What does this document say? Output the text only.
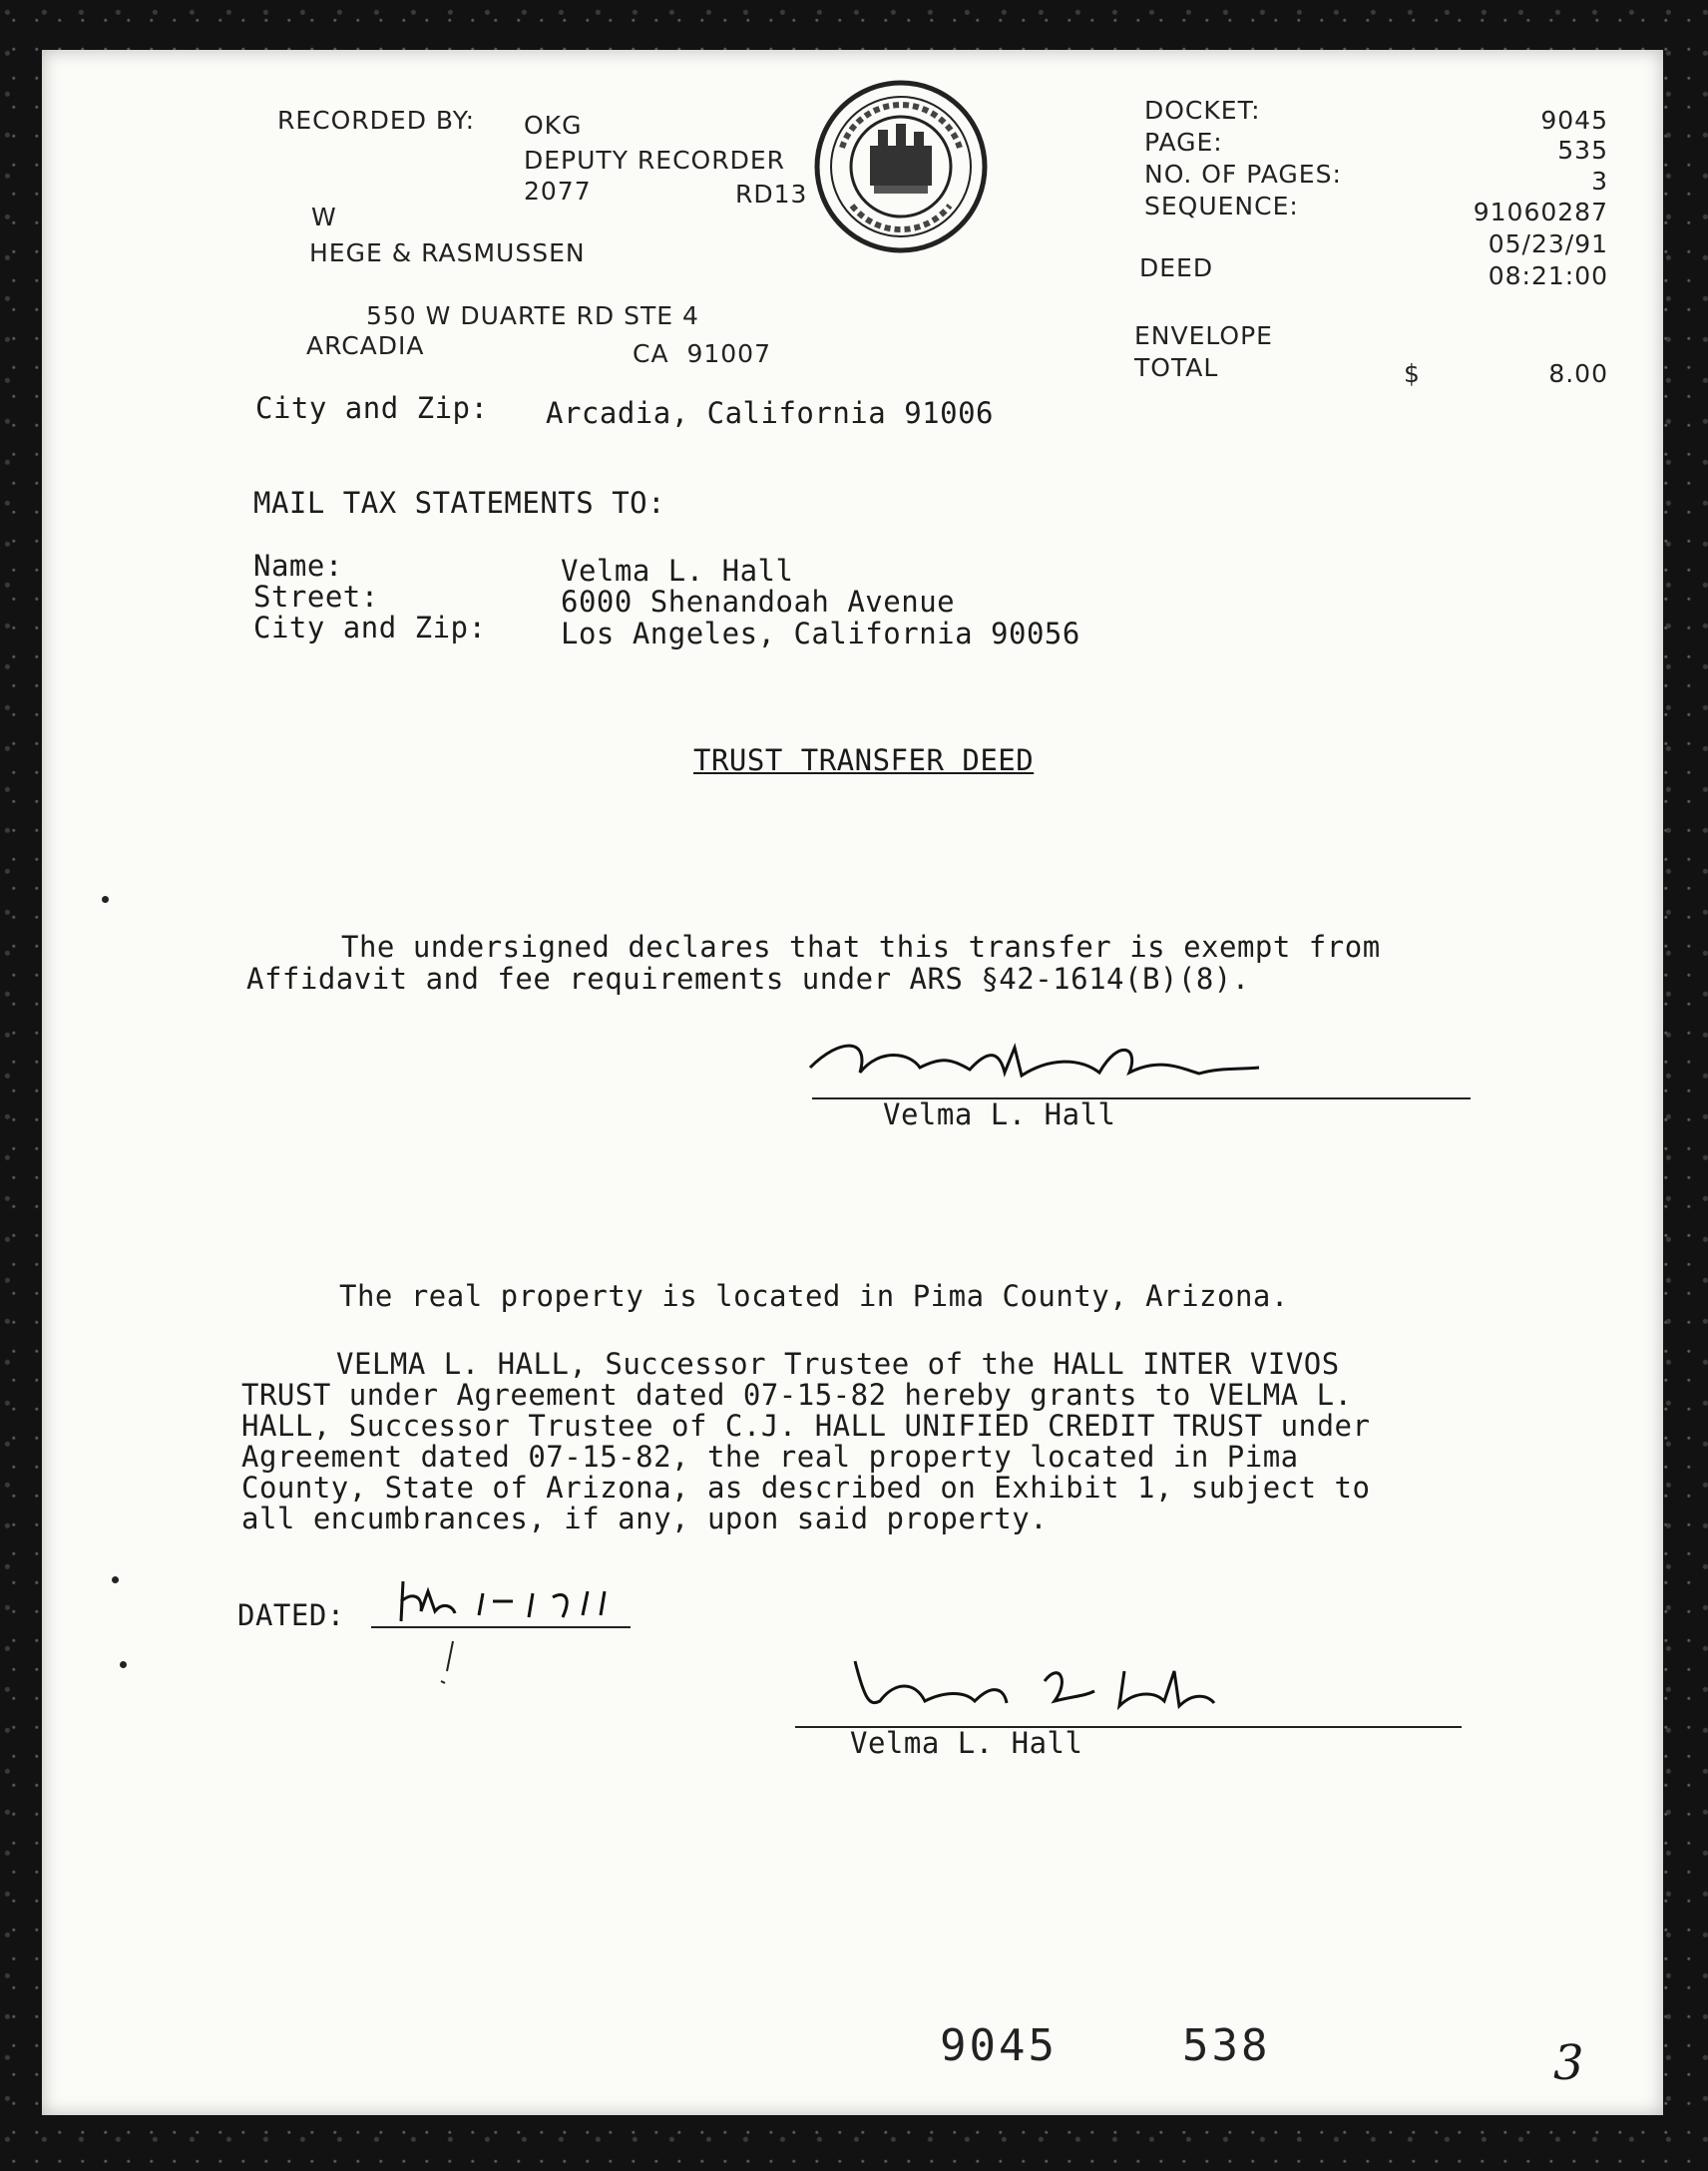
RECORDED BY: OKG
DEPUTY RECORDER
2077	RD13
W
HEGE & RASMUSSEN
550 W DUARTE RD STE 4
ARCADIA	CA  91007
DOCKET:	9045
PAGE:	535
NO. OF PAGES:	3
SEQUENCE:	91060287
05/23/91
DEED	08:21:00
ENVELOPE
TOTAL	$	8.00
City and Zip: Arcadia, California 91006
MAIL TAX STATEMENTS TO:
Name:	Velma L. Hall
Street:	6000 Shenandoah Avenue
City and Zip:	Los Angeles, California 90056
TRUST TRANSFER DEED
The undersigned declares that this transfer is exempt from
Affidavit and fee requirements under ARS §42-1614(B)(8).
Velma L. Hall
The real property is located in Pima County, Arizona.
VELMA L. HALL, Successor Trustee of the HALL INTER VIVOS
TRUST under Agreement dated 07-15-82 hereby grants to VELMA L.
HALL, Successor Trustee of C.J. HALL UNIFIED CREDIT TRUST under
Agreement dated 07-15-82, the real property located in Pima
County, State of Arizona, as described on Exhibit 1, subject to
all encumbrances, if any, upon said property.
DATED:
Velma L. Hall
9045	538	3
